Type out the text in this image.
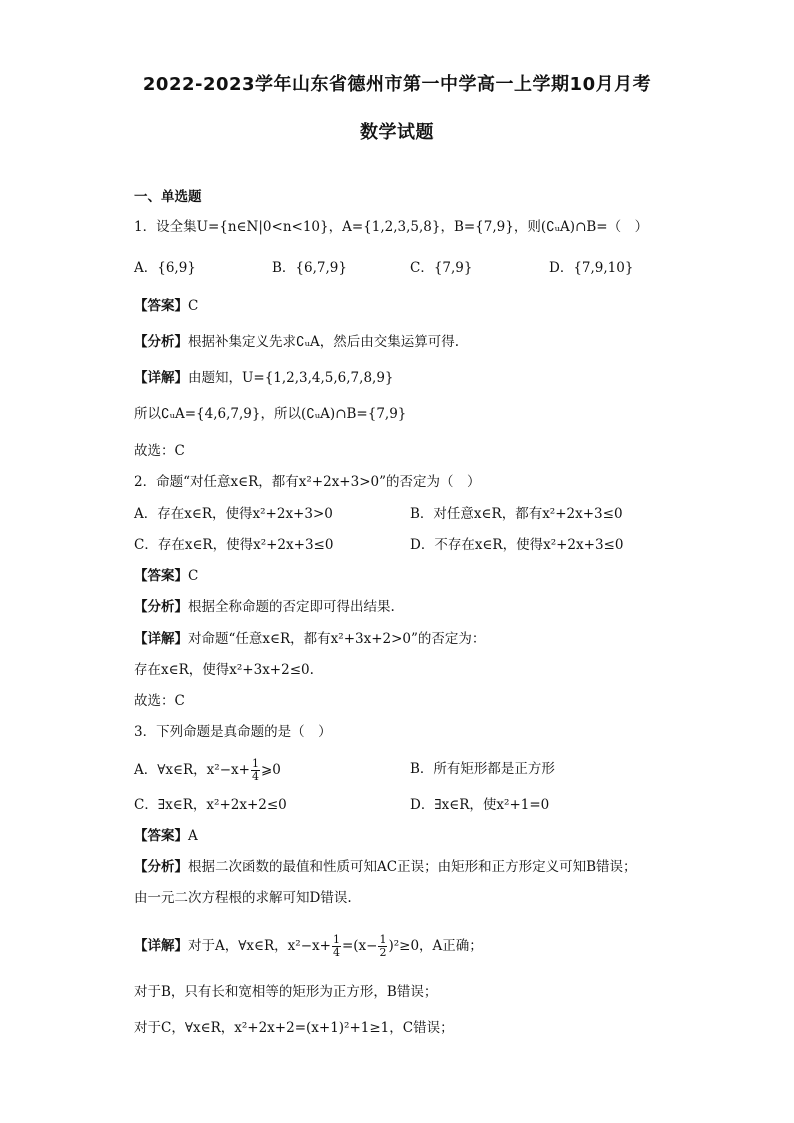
2022-2023学年山东省德州市第一中学高一上学期10月月考
数学试题
一、单选题
1．设全集U={n∈N|0<n<10}，A={1,2,3,5,8}，B={7,9}，则(∁ᵤA)∩B=（　）
A．{6,9}	B．{6,7,9}	C．{7,9}	D．{7,9,10}
【答案】C
【分析】根据补集定义先求∁ᵤA，然后由交集运算可得.
【详解】由题知，U={1,2,3,4,5,6,7,8,9}
所以∁ᵤA={4,6,7,9}，所以(∁ᵤA)∩B={7,9}
故选：C
2．命题“对任意x∈R，都有x²+2x+3>0”的否定为（　）
A．存在x∈R，使得x²+2x+3>0	B．对任意x∈R，都有x²+2x+3≤0
C．存在x∈R，使得x²+2x+3≤0	D．不存在x∈R，使得x²+2x+3≤0
【答案】C
【分析】根据全称命题的否定即可得出结果.
【详解】对命题“任意x∈R，都有x²+3x+2>0”的否定为：
存在x∈R，使得x²+3x+2≤0.
故选：C
3．下列命题是真命题的是（　）
A．∀x∈R，$x^2-x+ \frac{1}{4}$ ⩾0	B．所有矩形都是正方形
C．∃x∈R，x²+2x+2≤0	D．∃x∈R，使x²+1=0
【答案】A
【分析】根据二次函数的最值和性质可知AC正误；由矩形和正方形定义可知B错误；
由一元二次方程根的求解可知D错误.
【详解】对于A，∀x∈R，$x^2-x+ \frac{1}{4} =(x- \frac{1}{2} )^2\ge 0$，A正确；
对于B，只有长和宽相等的矩形为正方形，B错误；
对于C，∀x∈R，x²+2x+2=(x+1)²+1≥1，C错误；
